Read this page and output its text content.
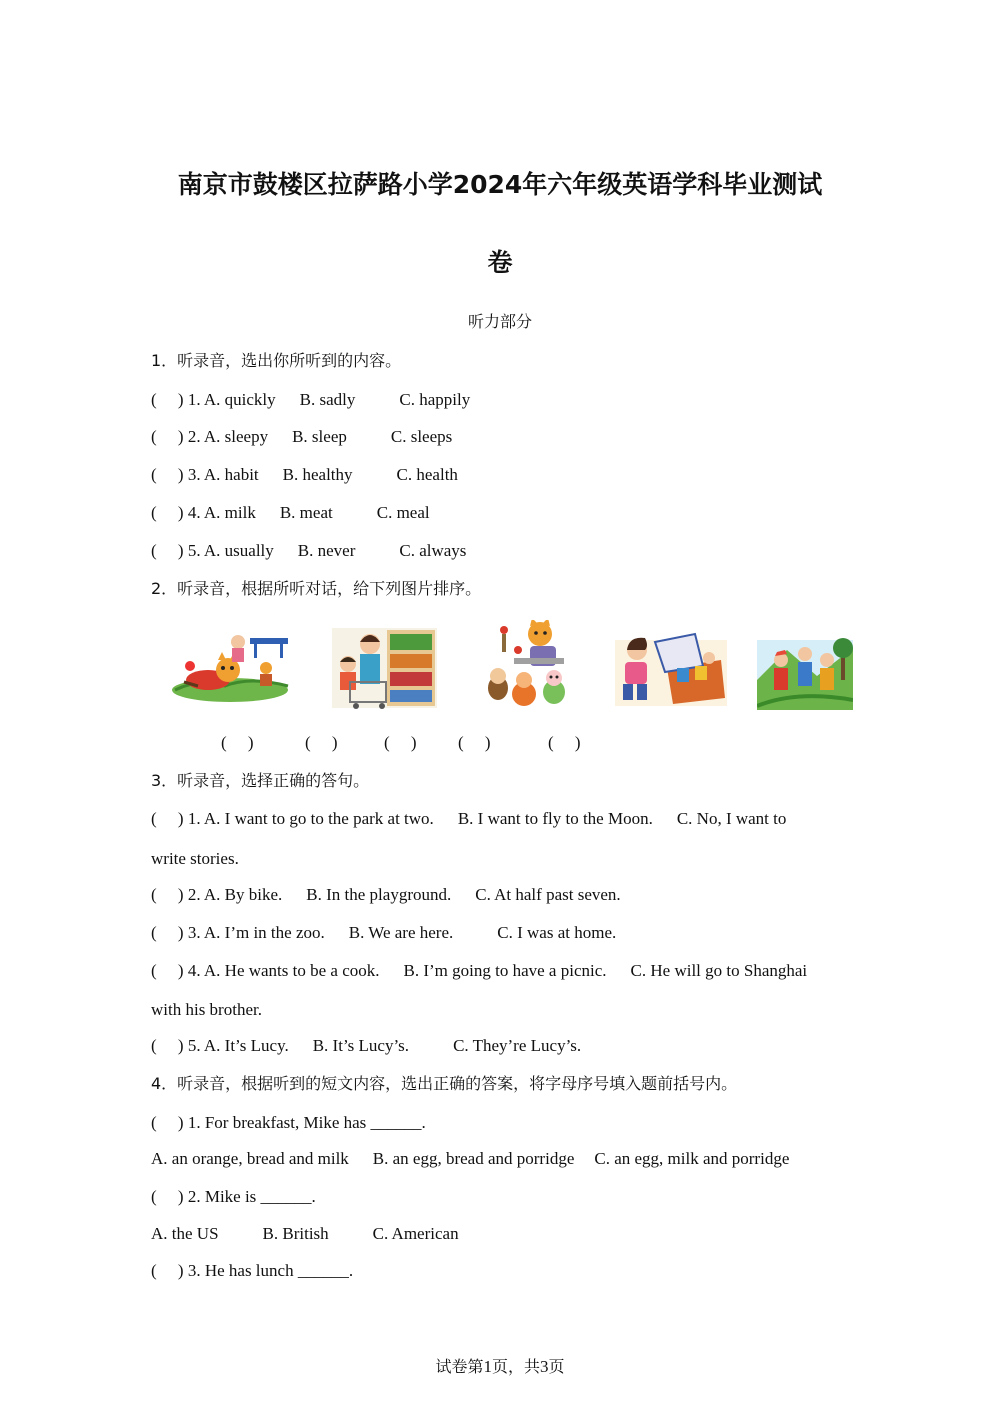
南京市鼓楼区拉萨路小学2024年六年级英语学科毕业测试
卷
听力部分
1．听录音，选出你所听到的内容。
(     ) 1. A. quickly B. sadly	C. happily
(     ) 2. A. sleepy B. sleep	C. sleeps
(     ) 3. A. habit B. healthy	C. health
(     ) 4. A. milk B. meat	C. meal
(     ) 5. A. usually B. never	C. always
2．听录音，根据所听对话，给下列图片排序。
(     )	(     )	(     ) (     )	(     )
3．听录音，选择正确的答句。
(     ) 1. A. I want to go to the park at two. B. I want to fly to the Moon. C. No, I want to
write stories.
(     ) 2. A. By bike. B. In the playground. C. At half past seven.
(     ) 3. A. I’m in the zoo. B. We are here.	C. I was at home.
(     ) 4. A. He wants to be a cook. B. I’m going to have a picnic. C. He will go to Shanghai
with his brother.
(     ) 5. A. It’s Lucy. B. It’s Lucy’s.	C. They’re Lucy’s.
4．听录音，根据听到的短文内容，选出正确的答案，将字母序号填入题前括号内。
(     ) 1. For breakfast, Mike has ______.
A. an orange, bread and milk B. an egg, bread and porridge C. an egg, milk and porridge
(     ) 2. Mike is ______.
A. the US	B. British	C. American
(     ) 3. He has lunch ______.
试卷第1页，共3页
